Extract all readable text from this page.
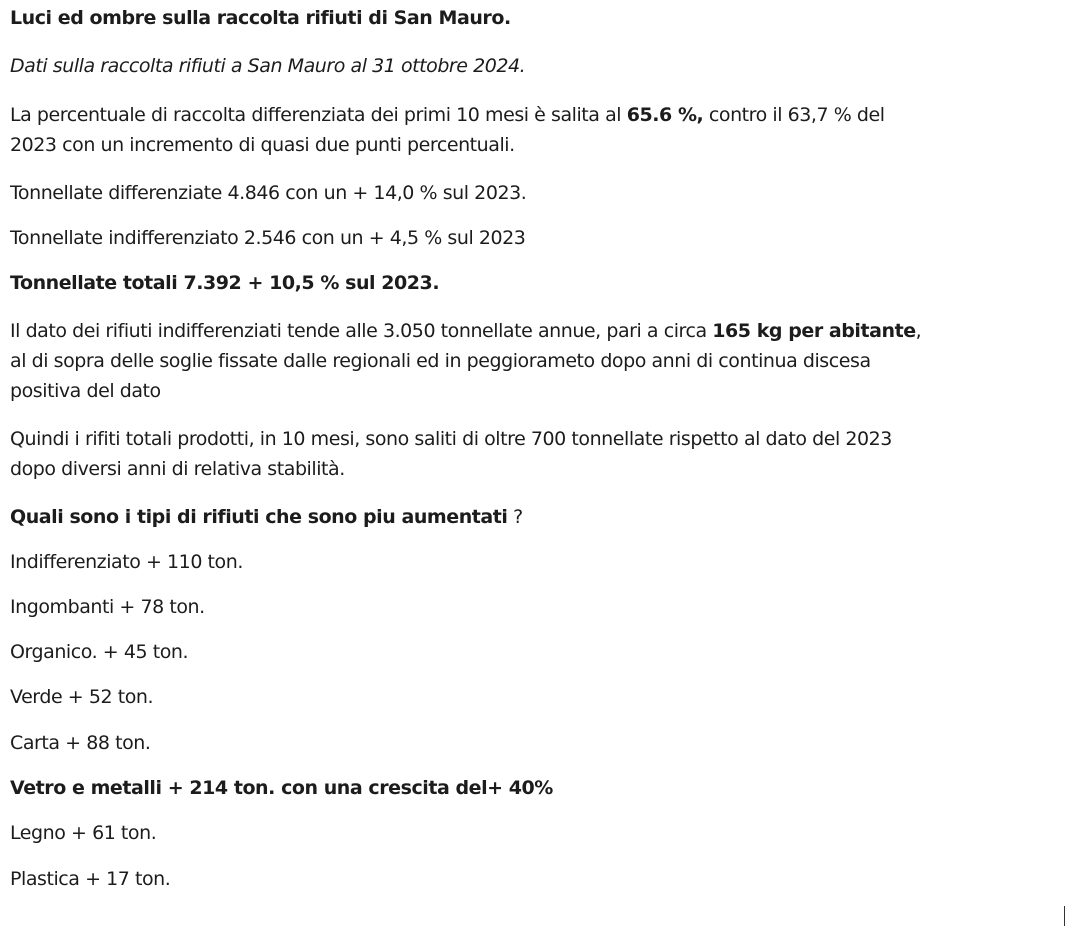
Luci ed ombre sulla raccolta rifiuti di San Mauro.

Dati sulla raccolta rifiuti a San Mauro al 31 ottobre 2024.

La percentuale di raccolta differenziata dei primi 10 mesi è salita al 65.6 %, contro il 63,7 % del

2023 con un incremento di quasi due punti percentuali.

Tonnellate differenziate 4.846 con un + 14,0 % sul 2023.

Tonnellate indifferenziato 2.546 con un + 4,5 % sul 2023

Tonnellate totali 7.392 + 10,5 % sul 2023.

Il dato dei rifiuti indifferenziati tende alle 3.050 tonnellate annue, pari a circa 165 kg per abitante,

al di sopra delle soglie fissate dalle regionali ed in peggiorameto dopo anni di continua discesa

positiva del dato

Quindi i rifiti totali prodotti, in 10 mesi, sono saliti di oltre 700 tonnellate rispetto al dato del 2023

dopo diversi anni di relativa stabilità.

Quali sono i tipi di rifiuti che sono piu aumentati ?

Indifferenziato + 110 ton.

Ingombanti + 78 ton.

Organico. + 45 ton.

Verde + 52 ton.

Carta + 88 ton.

Vetro e metalli + 214 ton. con una crescita del+ 40%

Legno + 61 ton.

Plastica + 17 ton.
